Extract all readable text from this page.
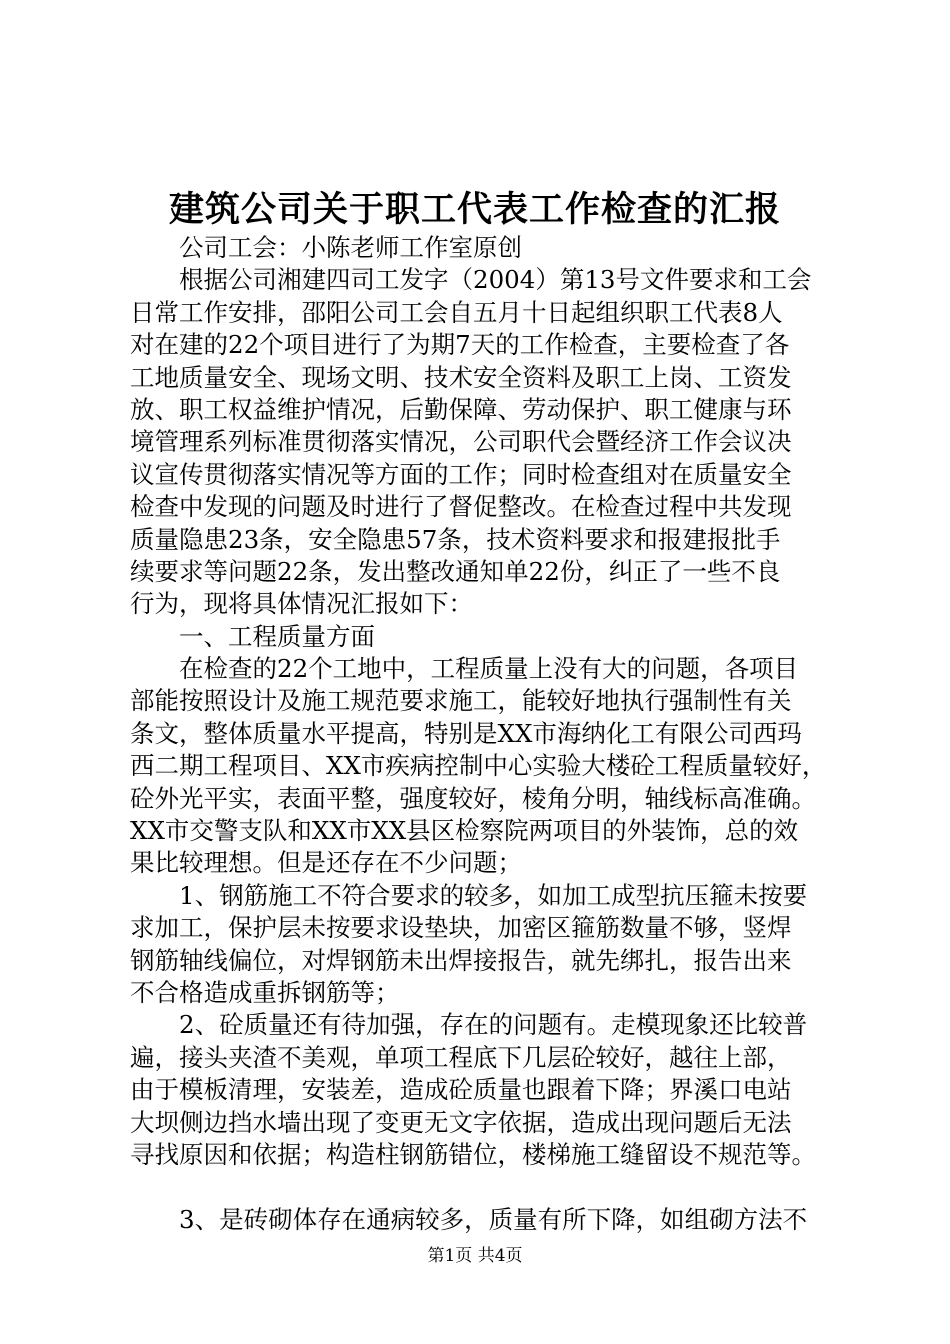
建筑公司关于职工代表工作检查的汇报
公司工会：小陈老师工作室原创
根据公司湘建四司工发字（2004）第13号文件要求和工会
日常工作安排，邵阳公司工会自五月十日起组织职工代表8人
对在建的22个项目进行了为期7天的工作检查，主要检查了各
工地质量安全、现场文明、技术安全资料及职工上岗、工资发
放、职工权益维护情况，后勤保障、劳动保护、职工健康与环
境管理系列标准贯彻落实情况，公司职代会暨经济工作会议决
议宣传贯彻落实情况等方面的工作；同时检查组对在质量安全
检查中发现的问题及时进行了督促整改。在检查过程中共发现
质量隐患23条，安全隐患57条，技术资料要求和报建报批手
续要求等问题22条，发出整改通知单22份，纠正了一些不良
行为，现将具体情况汇报如下：
一、工程质量方面
在检查的22个工地中，工程质量上没有大的问题，各项目
部能按照设计及施工规范要求施工，能较好地执行强制性有关
条文，整体质量水平提高，特别是XX市海纳化工有限公司西玛
西二期工程项目、XX市疾病控制中心实验大楼砼工程质量较好，
砼外光平实，表面平整，强度较好，棱角分明，轴线标高准确。
XX市交警支队和XX市XX县区检察院两项目的外装饰，总的效
果比较理想。但是还存在不少问题；
1、钢筋施工不符合要求的较多，如加工成型抗压箍未按要
求加工，保护层未按要求设垫块，加密区箍筋数量不够，竖焊
钢筋轴线偏位，对焊钢筋未出焊接报告，就先绑扎，报告出来
不合格造成重拆钢筋等；
2、砼质量还有待加强，存在的问题有。走模现象还比较普
遍，接头夹渣不美观，单项工程底下几层砼较好，越往上部，
由于模板清理，安装差，造成砼质量也跟着下降；界溪口电站
大坝侧边挡水墙出现了变更无文字依据，造成出现问题后无法
寻找原因和依据；构造柱钢筋错位，楼梯施工缝留设不规范等。
3、是砖砌体存在通病较多，质量有所下降，如组砌方法不
第1页 共4页
